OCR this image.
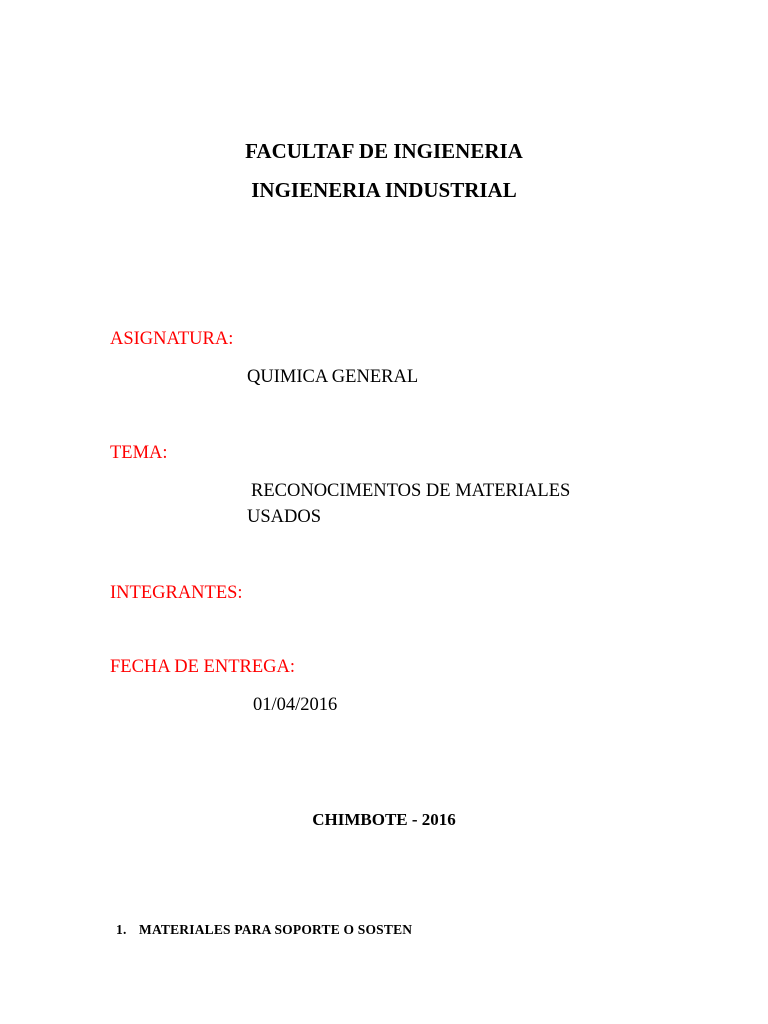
FACULTAF DE INGIENERIA
INGIENERIA INDUSTRIAL
ASIGNATURA:
QUIMICA GENERAL
TEMA:
RECONOCIMENTOS DE MATERIALES
USADOS
INTEGRANTES:
FECHA DE ENTREGA:
01/04/2016
CHIMBOTE - 2016
1. MATERIALES PARA SOPORTE O SOSTEN
